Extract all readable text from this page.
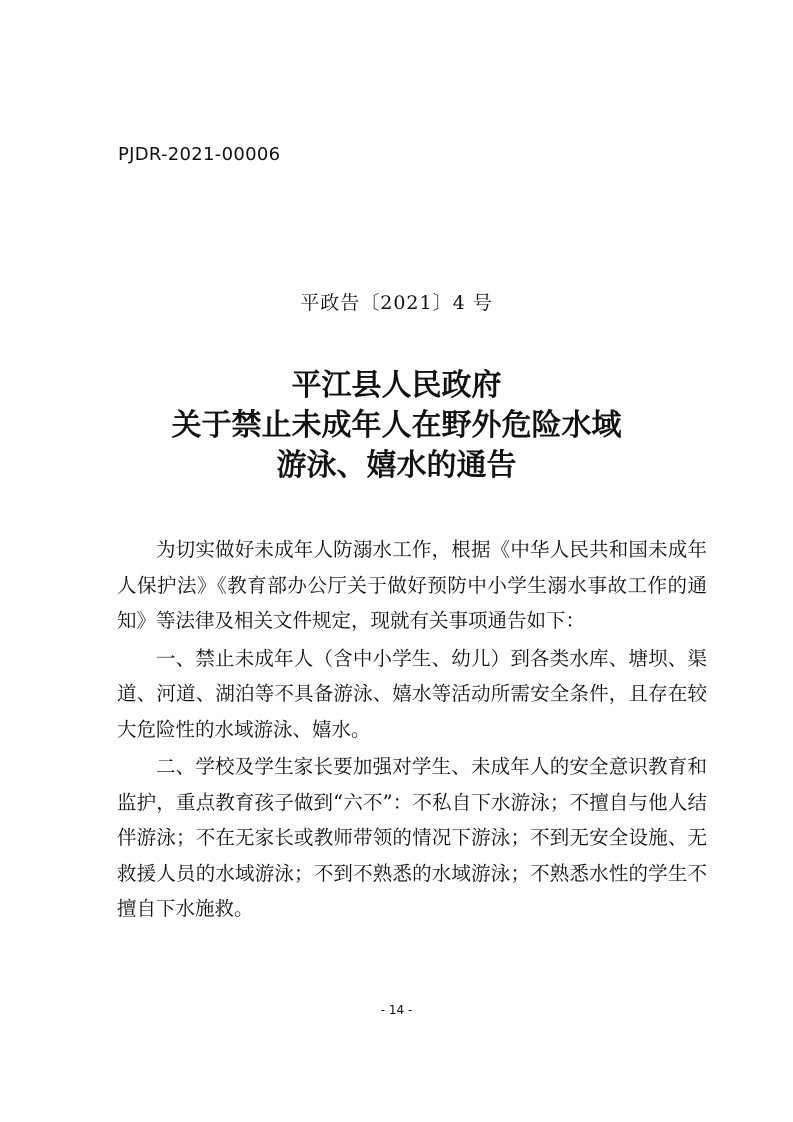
PJDR-2021-00006
平政告〔2021〕4 号
平江县人民政府
关于禁止未成年人在野外危险水域
游泳、嬉水的通告

为切实做好未成年人防溺水工作，根据《中华人民共和国未成年人保护法》《教育部办公厅关于做好预防中小学生溺水事故工作的通知》等法律及相关文件规定，现就有关事项通告如下：

一、禁止未成年人（含中小学生、幼儿）到各类水库、塘坝、渠道、河道、湖泊等不具备游泳、嬉水等活动所需安全条件，且存在较大危险性的水域游泳、嬉水。

二、学校及学生家长要加强对学生、未成年人的安全意识教育和监护，重点教育孩子做到“六不”：不私自下水游泳；不擅自与他人结伴游泳；不在无家长或教师带领的情况下游泳；不到无安全设施、无救援人员的水域游泳；不到不熟悉的水域游泳；不熟悉水性的学生不擅自下水施救。

- 14 -
